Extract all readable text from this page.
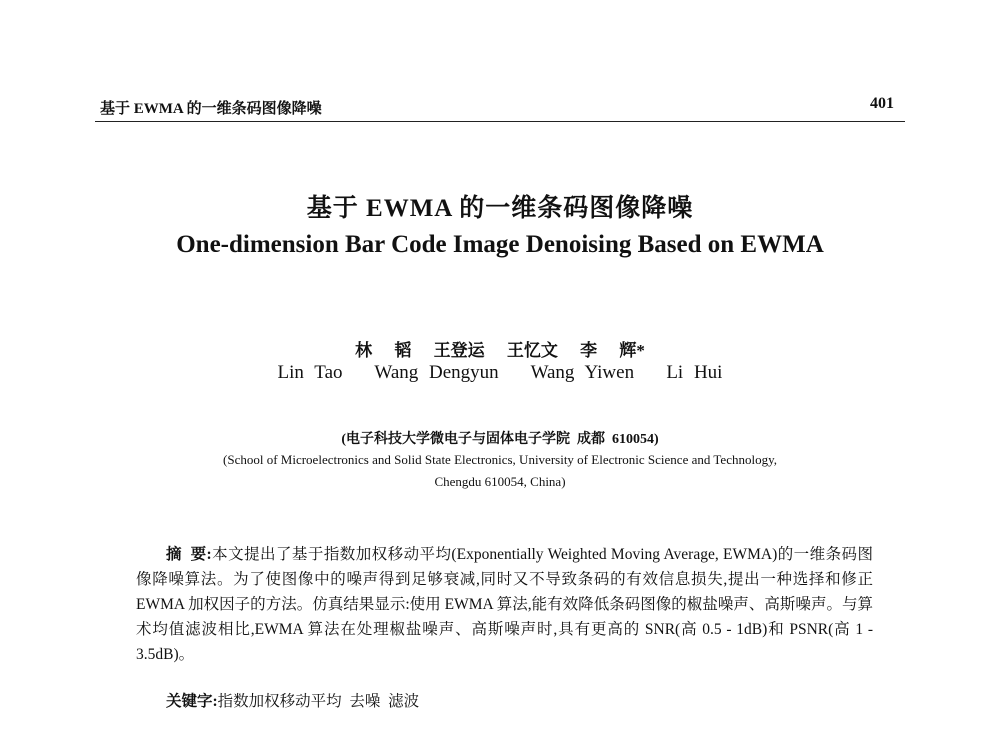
基于 EWMA 的一维条码图像降噪	401
基于 EWMA 的一维条码图像降噪
One-dimension Bar Code Image Denoising Based on EWMA
林 韬 王登运 王忆文 李 辉*
Lin Tao   Wang Dengyun   Wang Yiwen   Li Hui
(电子科技大学微电子与固体电子学院  成都  610054)
(School of Microelectronics and Solid State Electronics, University of Electronic Science and Technology,
Chengdu 610054, China)
摘  要:本文提出了基于指数加权移动平均(Exponentially Weighted Moving Average, EWMA)的一维条码图像降噪算法。为了使图像中的噪声得到足够衰减,同时又不导致条码的有效信息损失,提出一种选择和修正 EWMA 加权因子的方法。仿真结果显示:使用 EWMA 算法,能有效降低条码图像的椒盐噪声、高斯噪声。与算术均值滤波相比,EWMA 算法在处理椒盐噪声、高斯噪声时,具有更高的 SNR(高 0.5 - 1dB)和 PSNR(高 1 - 3.5dB)。
关键字:指数加权移动平均  去噪  滤波
